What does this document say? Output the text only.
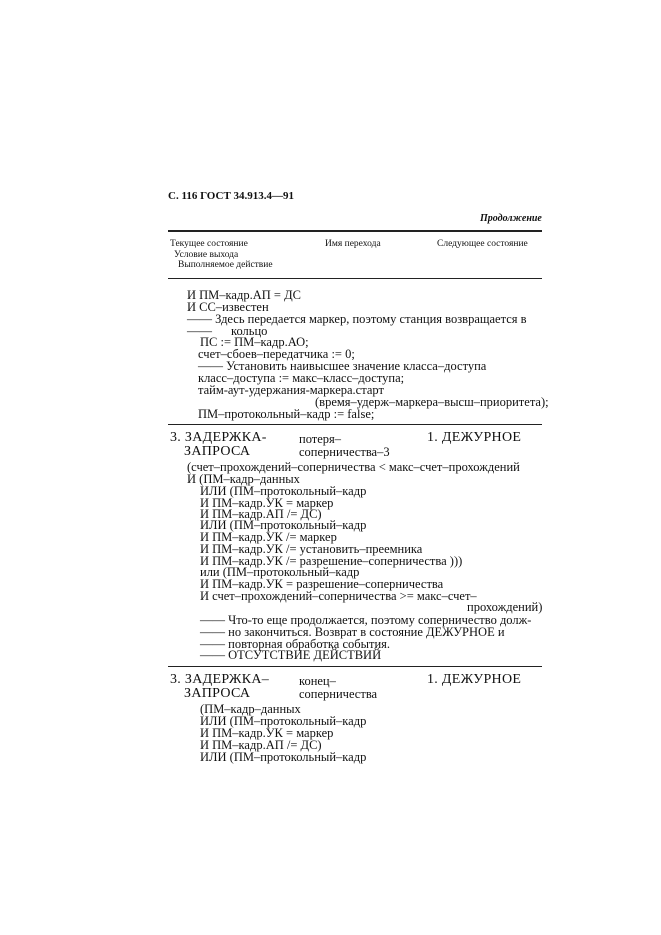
С. 116 ГОСТ 34.913.4—91
Продолжение
Текущее состояние
Условие выхода
Выполняемое действие
Имя перехода	Следующее состояние
И ПМ–кадр.АП = ДС
И СС–известен
—— Здесь передается маркер, поэтому станция возвращается в
—— кольцо
ПС := ПМ–кадр.АО;
счет–сбоев–передатчика := 0;
—— Установить наивысшее значение класса–доступа
класс–доступа := макс–класс–доступа;
тайм-аут-удержания-маркера.старт
(время–удерж–маркера–высш–приоритета);
ПМ–протокольный–кадр := false;
3. ЗАДЕРЖКА-
ЗАПРОСА
потеря–
соперничества–3
1. ДЕЖУРНОЕ
(счет–прохождений–соперничества < макс–счет–прохождений
И (ПМ–кадр–данных
ИЛИ (ПМ–протокольный–кадр
И ПМ–кадр.УК = маркер
И ПМ–кадр.АП /= ДС)
ИЛИ (ПМ–протокольный–кадр
И ПМ–кадр.УК /= маркер
И ПМ–кадр.УК /= установить–преемника
И ПМ–кадр.УК /= разрешение–соперничества )))
или (ПМ–протокольный–кадр
И ПМ–кадр.УК = разрешение–соперничества
И счет–прохождений–соперничества >= макс–счет–
прохождений)
—— Что-то еще продолжается, поэтому соперничество долж-
—— но закончиться. Возврат в состояние ДЕЖУРНОЕ и
—— повторная обработка события.
—— ОТСУТСТВИЕ ДЕЙСТВИЙ
3. ЗАДЕРЖКА–
ЗАПРОСА
конец–
соперничества
1. ДЕЖУРНОЕ
(ПМ–кадр–данных
ИЛИ (ПМ–протокольный–кадр
И ПМ–кадр.УК = маркер
И ПМ–кадр.АП /= ДС)
ИЛИ (ПМ–протокольный–кадр
